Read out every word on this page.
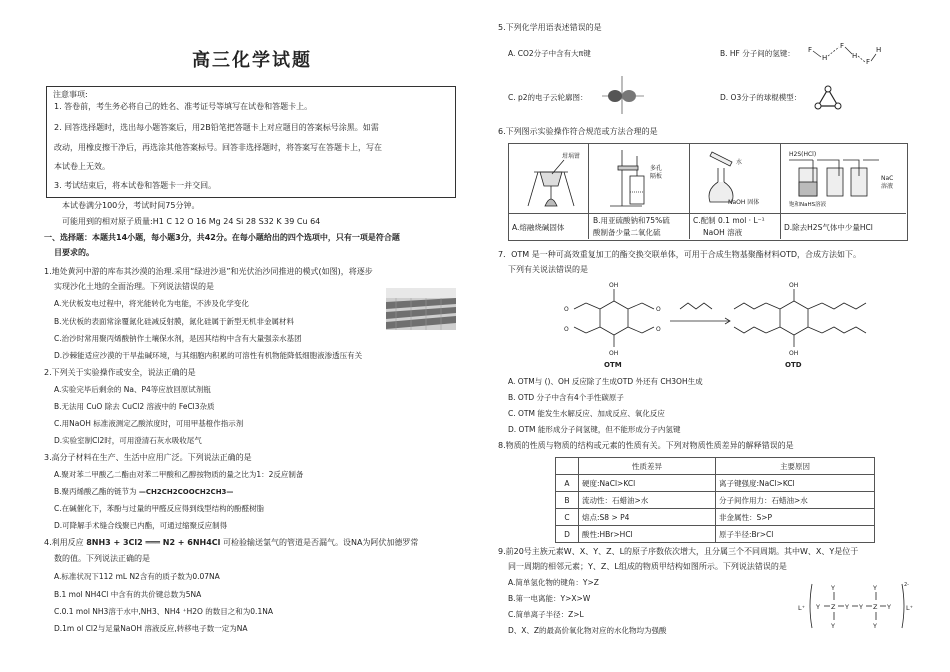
高三化学试题
注意事项:
1. 答卷前，考生务必将自己的姓名、准考证号等填写在试卷和答题卡上。
2. 回答选择题时，选出每小题答案后，用2B铅笔把答题卡上对应题目的答案标号涂黑。如需
改动，用橡皮擦干净后，再选涂其他答案标号。回答非选择题时，将答案写在答题卡上，写在
本试卷上无效。
3. 考试结束后，将本试卷和答题卡一并交回。
本试卷满分100分，考试时间75分钟。
可能用到的相对原子质量:H1 C 12 O 16 Mg 24 Si 28 S32 K 39 Cu 64
一、选择题：本题共14小题，每小题3分，共42分。在每小题给出的四个选项中，只有一项是符合题
目要求的。
1.地处黄河中游的库布其沙漠的治理.采用“绿进沙退”和光伏治沙同推进的模式(如图)，将逐步
实现沙化土地的全面治理。下列说法错误的是
A.光伏板发电过程中，将光能转化为电能，不涉及化学变化
B.光伏板的表面常涂覆氮化硅减反射膜，氮化硅属于新型无机非金属材料
C.治沙时常用聚丙烯酸钠作土壤保水剂，是因其结构中含有大量强亲水基团
D.沙棘能适应沙漠的干旱盐碱环境，与其细胞内积累的可溶性有机物能降低细胞液渗透压有关
2.下列关于实验操作或安全，说法正确的是
A.实验完毕后剩余的 Na、P4等应放回原试剂瓶
B.无法用 CuO 除去 CuCl2 溶液中的 FeCl3杂质
C.用NaOH 标准液测定乙酸浓度时，可用甲基橙作指示剂
D.实验室制Cl2时，可用澄清石灰水吸收尾气
3.高分子材料在生产、生活中应用广泛。下列说法正确的是
A.聚对苯二甲酸乙二酯由对苯二甲酸和乙醇按物质的量之比为1：2反应制备
B.聚丙烯酸乙酯的链节为 —CH2CH2COOCH2CH3—
C.在碱催化下，苯酚与过量的甲醛反应得到线型结构的酚醛树脂
D.可降解手术缝合线聚已内酯，可通过缩聚反应制得
4.利用反应 8NH3 + 3Cl2 ═══ N2 + 6NH4Cl 可检验输送氯气的管道是否漏气。设NA为阿伏加德罗常
数的值。下列说法正确的是
A.标准状况下112 mL N2含有的质子数为0.07NA
B.1 mol NH4Cl 中含有的共价键总数为5NA
C.0.1 mol NH3溶于水中,NH3、NH4 ⁺H2O 的数目之和为0.1NA
D.1m ol Cl2与足量NaOH 溶液反应,转移电子数一定为NA
5.下列化学用语表述错误的是
A. CO2分子中含有大π键	B. HF 分子间的氢键： F
H
F
H
F
H
C. p2的电子云轮廓图：	D. O3分子的球棍模型：
6.下列图示实验操作符合规范或方法合理的是
坩埚钳
多孔
隔板
水
NaOH 固体
H2S(HCl)
饱和NaHS溶液
NaC
溶液
A.熔融烧碱固体
B.用亚硫酸钠和75%硫
酸制备少量二氧化硫
C.配制 0.1 mol · L⁻¹
NaOH 溶液
D.除去H2S气体中少量HCl
7．OTM 是一种可高效重复加工的酯交换交联单体，可用于合成生物基聚酯材料OTD，合成方法如下。
下列有关说法错误的是
OH
OH
OH
OH
O
O
O
O
OTM	OTD
A. OTM与 ()、OH 反应除了生成OTD 外还有 CH3OH生成
B. OTD 分子中含有4个手性碳原子
C. OTM 能发生水解反应、加成反应、氧化反应
D. OTM 能形成分子间氢键，但不能形成分子内氢键
8.物质的性质与物质的结构或元素的性质有关。下列对物质性质差异的解释错误的是
	性质差异	主要原因
A	硬度:NaCl>KCl	离子键强度:NaCl>KCl
B	流动性：石蜡油>水	分子间作用力：石蜡油>水
C	熔点:S8 > P4	非金属性：S>P
D	酸性:HBr>HCl	原子半径:Br>Cl
9.前20号主族元素W、X、Y、Z、L的原子序数依次增大，且分属三个不同周期。其中W、X、Y是位于
同一周期的相邻元素；Y、Z、L组成的物质甲结构如图所示。下列说法错误的是
A.简单氢化物的键角：Y>Z
B.第一电离能：Y>X>W
C.简单离子半径：Z>L
D、X、Z的最高价氧化物对应的水化物均为强酸
Y Z Y Y Z Y
Y
Y
Y
Y
L⁺	L⁺
2-
